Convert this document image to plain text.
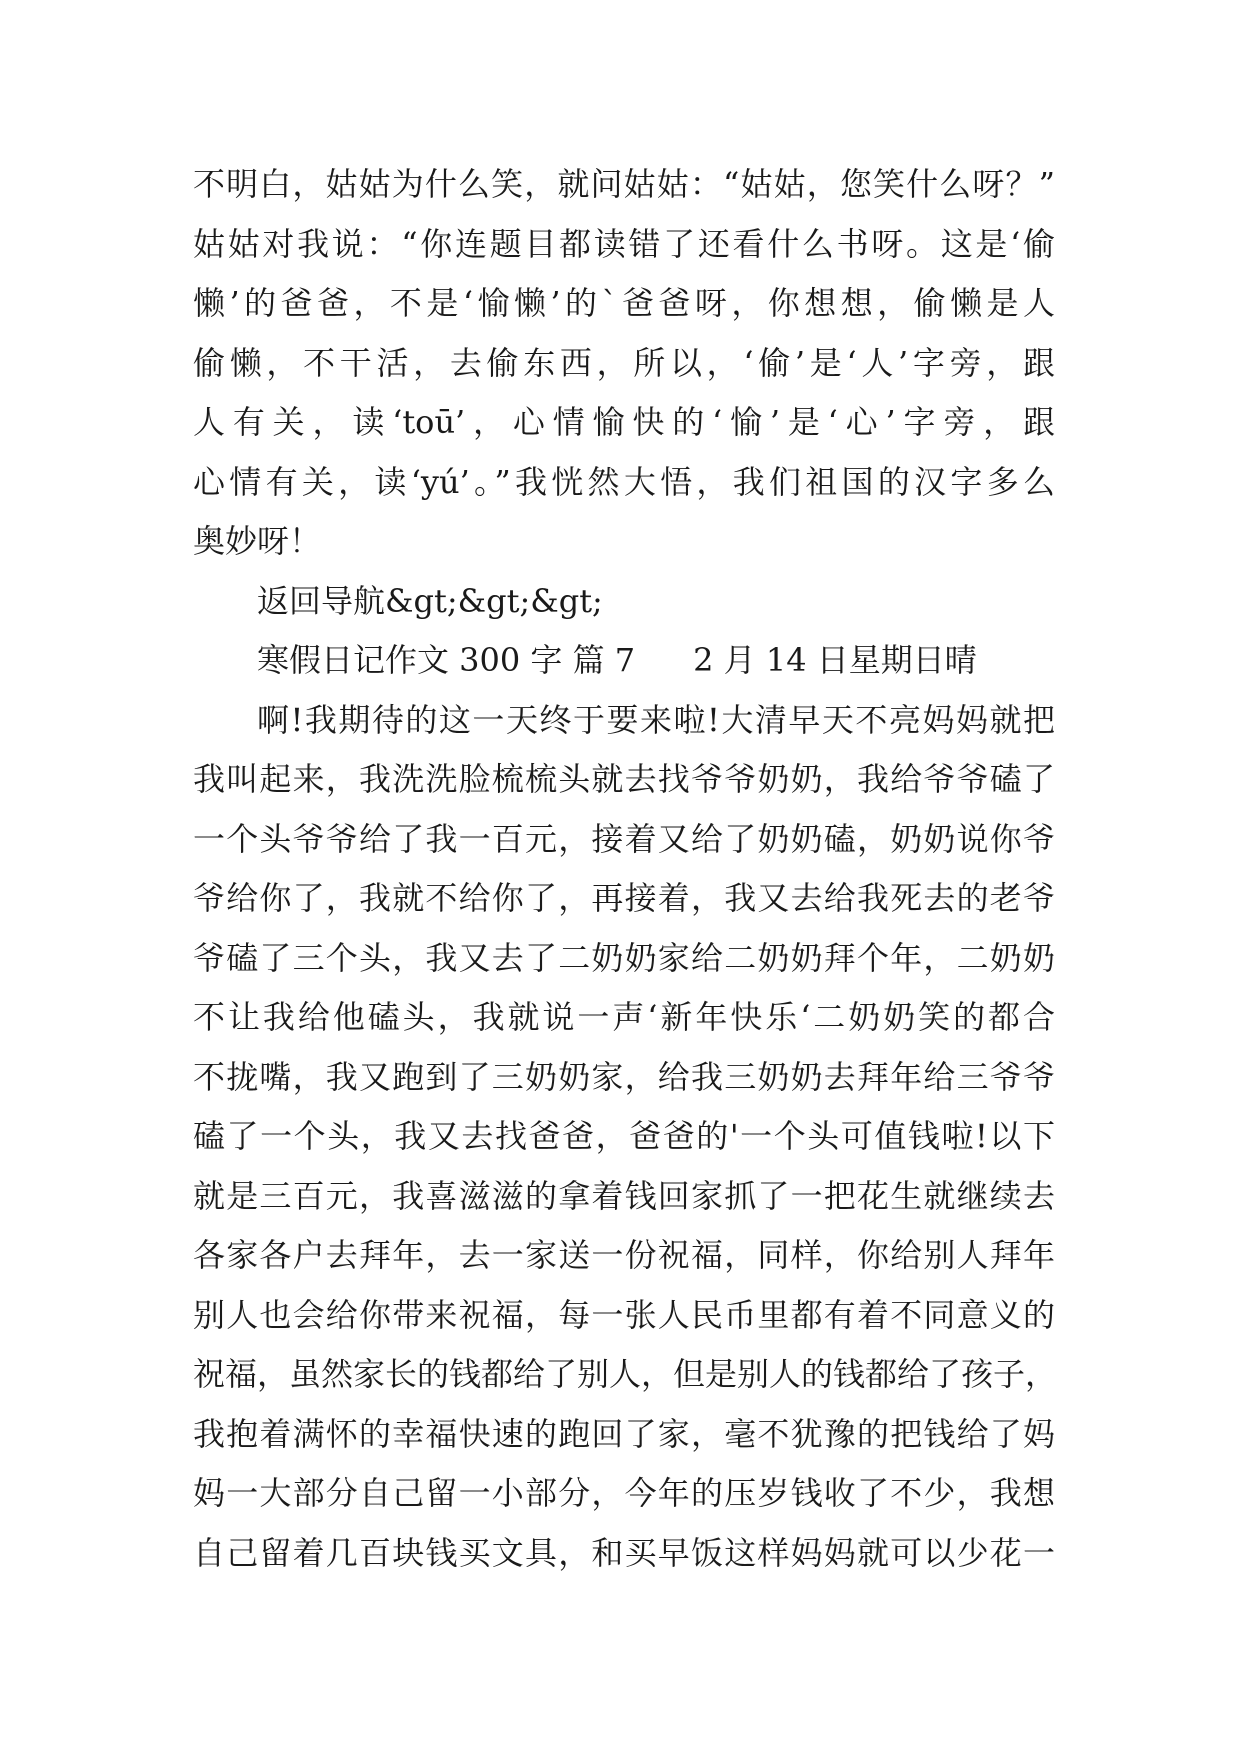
不明白，姑姑为什么笑，就问姑姑：“姑姑，您笑什么呀？”
姑姑对我说：“你连题目都读错了还看什么书呀。这是‘偷
懒’的爸爸，不是‘愉懒’的`爸爸呀，你想想，偷懒是人
偷懒，不干活，去偷东西，所以，‘偷’是‘人’字旁，跟
人有关，读‘toū’，心情愉快的‘愉’是‘心’字旁，跟
心情有关，读‘yú’。”我恍然大悟，我们祖国的汉字多么
奥妙呀！
返回导航&gt;&gt;&gt;
寒假日记作文 300 字 篇 7 2 月 14 日星期日晴
啊!我期待的这一天终于要来啦!大清早天不亮妈妈就把
我叫起来，我洗洗脸梳梳头就去找爷爷奶奶，我给爷爷磕了
一个头爷爷给了我一百元，接着又给了奶奶磕，奶奶说你爷
爷给你了，我就不给你了，再接着，我又去给我死去的老爷
爷磕了三个头，我又去了二奶奶家给二奶奶拜个年，二奶奶
不让我给他磕头，我就说一声‘新年快乐‘二奶奶笑的都合
不拢嘴，我又跑到了三奶奶家，给我三奶奶去拜年给三爷爷
磕了一个头，我又去找爸爸，爸爸的'一个头可值钱啦!以下
就是三百元，我喜滋滋的拿着钱回家抓了一把花生就继续去
各家各户去拜年，去一家送一份祝福，同样，你给别人拜年
别人也会给你带来祝福，每一张人民币里都有着不同意义的
祝福，虽然家长的钱都给了别人，但是别人的钱都给了孩子，
我抱着满怀的幸福快速的跑回了家，毫不犹豫的把钱给了妈
妈一大部分自己留一小部分，今年的压岁钱收了不少，我想
自己留着几百块钱买文具，和买早饭这样妈妈就可以少花一
